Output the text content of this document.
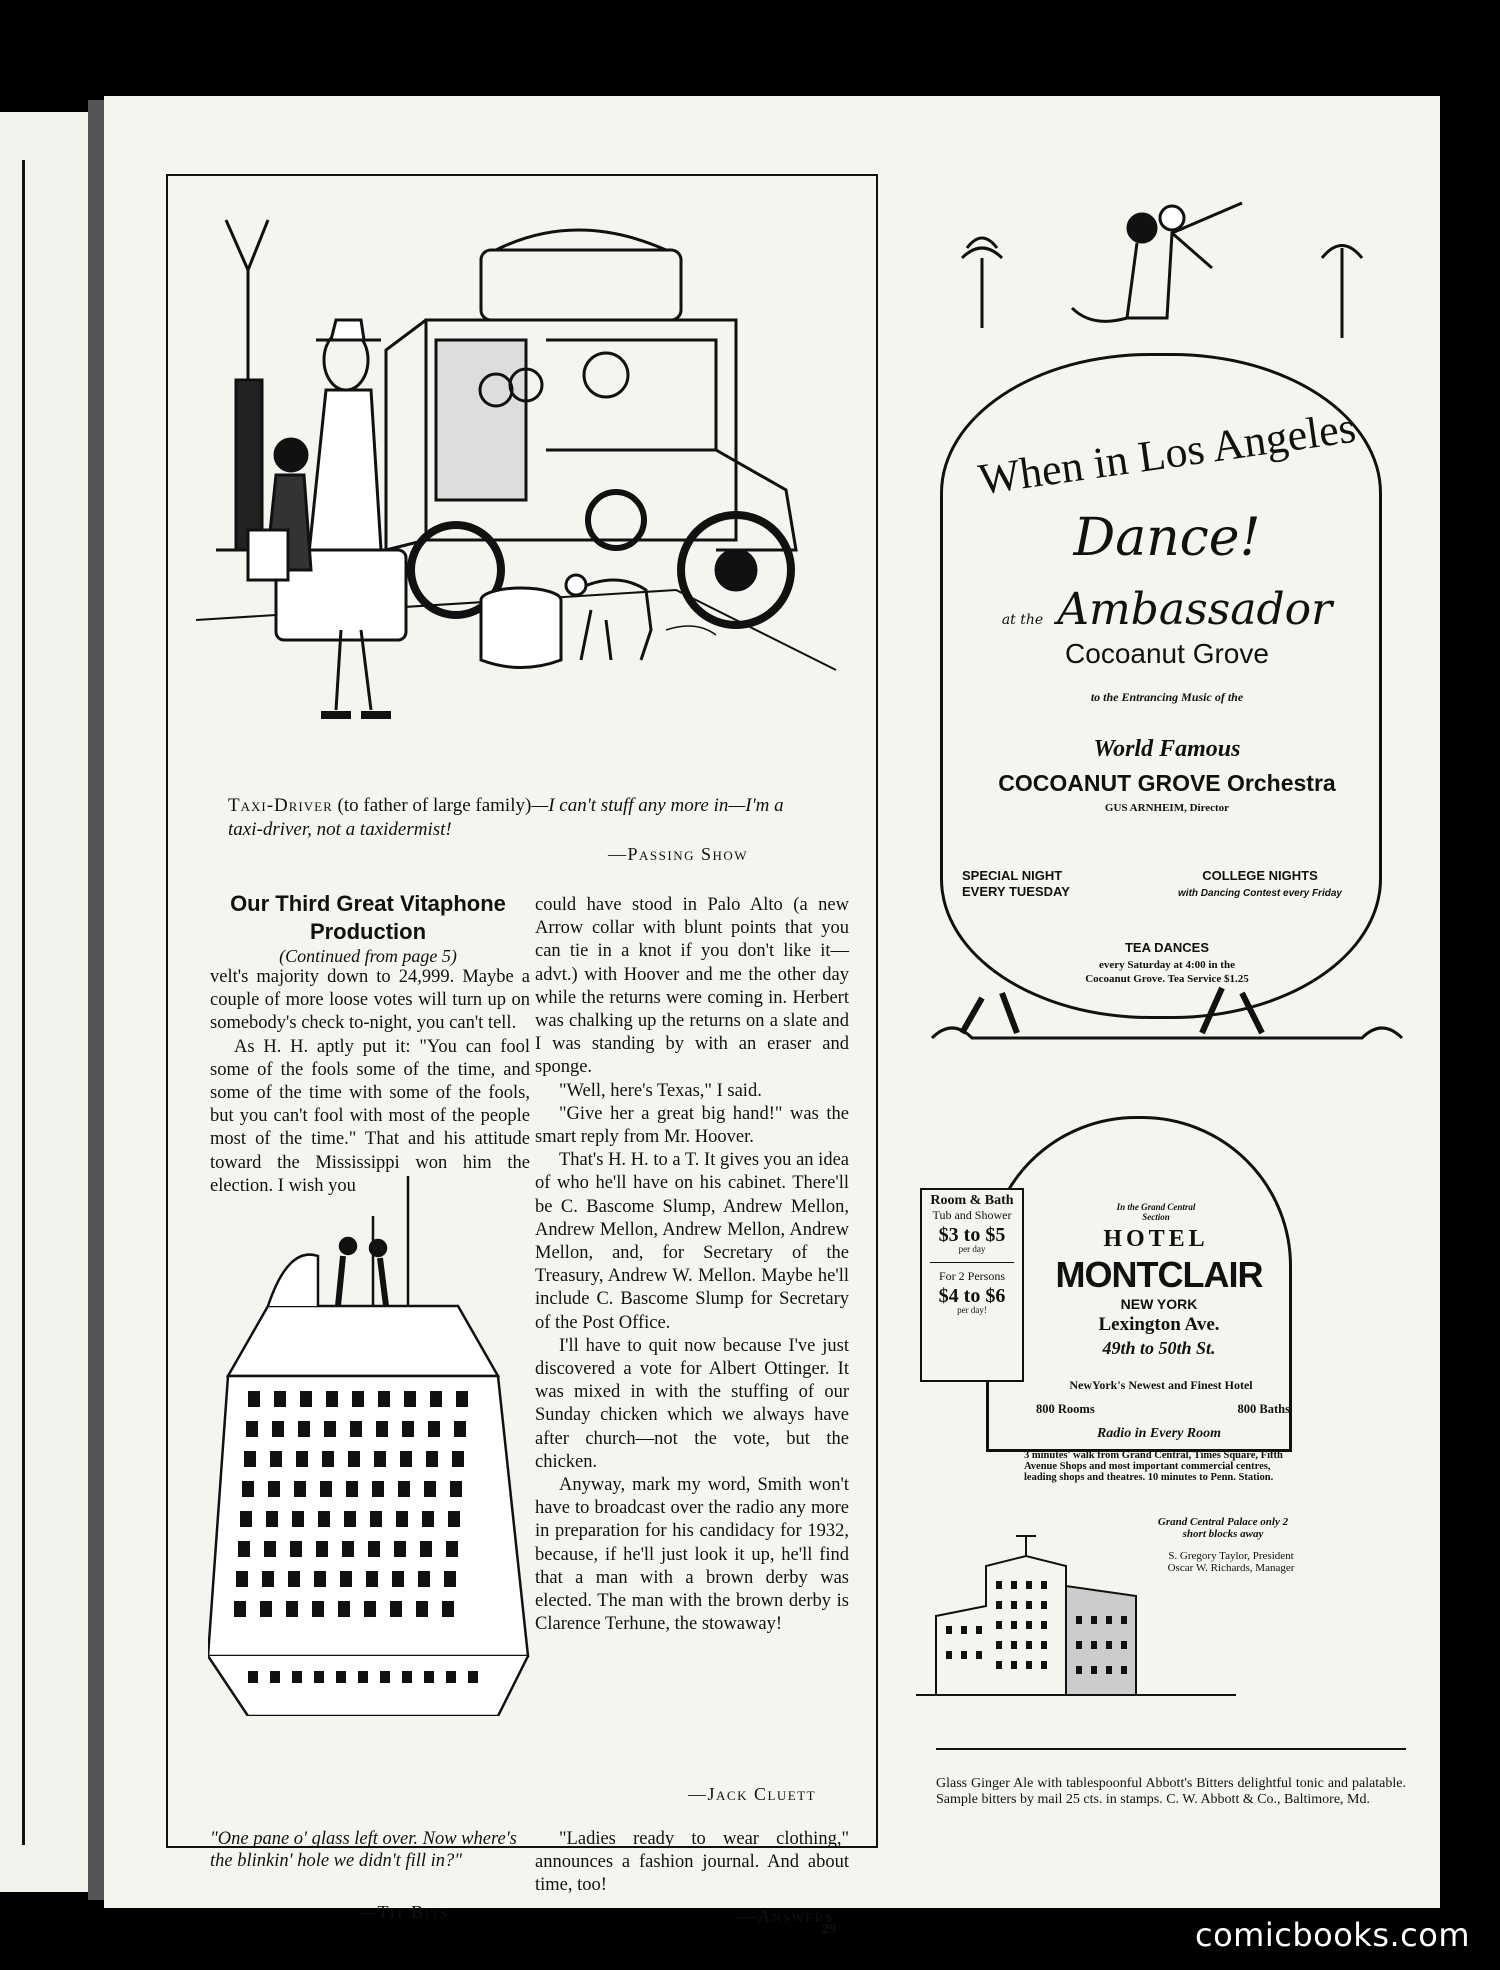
Taxi-Driver (to father of large family)—I can't stuff any more in—I'm a taxi-driver, not a taxidermist!
—Passing Show
Our Third Great Vitaphone Production
(Continued from page 5)

velt's majority down to 24,999. Maybe a couple of more loose votes will turn up on somebody's check to-night, you can't tell.

As H. H. aptly put it: "You can fool some of the fools some of the time, and some of the time with some of the fools, but you can't fool with most of the people most of the time." That and his attitude toward the Mississippi won him the election. I wish you

could have stood in Palo Alto (a new Arrow collar with blunt points that you can tie in a knot if you don't like it—advt.) with Hoover and me the other day while the returns were coming in. Herbert was chalking up the returns on a slate and I was standing by with an eraser and sponge.

"Well, here's Texas," I said.

"Give her a great big hand!" was the smart reply from Mr. Hoover.

That's H. H. to a T. It gives you an idea of who he'll have on his cabinet. There'll be C. Bascome Slump, Andrew Mellon, Andrew Mellon, Andrew Mellon, Andrew Mellon, and, for Secretary of the Treasury, Andrew W. Mellon. Maybe he'll include C. Bascome Slump for Secretary of the Post Office.

I'll have to quit now because I've just discovered a vote for Albert Ottinger. It was mixed in with the stuffing of our Sunday chicken which we always have after church—not the vote, but the chicken.

Anyway, mark my word, Smith won't have to broadcast over the radio any more in preparation for his candidacy for 1932, because, if he'll just look it up, he'll find that a man with a brown derby was elected. The man with the brown derby is Clarence Terhune, the stowaway!

—Jack Cluett
"One pane o' glass left over. Now where's the blinkin' hole we didn't fill in?"
—Tit Bits

"Ladies ready to wear clothing," announces a fashion journal. And about time, too!

—Answers
When in Los Angeles
Dance!
at the Ambassador
Cocoanut Grove
to the Entrancing Music of the
World Famous
COCOANUT GROVE Orchestra
GUS ARNHEIM, Director
SPECIAL NIGHT
EVERY TUESDAY
COLLEGE NIGHTS
with Dancing Contest every Friday
TEA DANCES
every Saturday at 4:00 in the
Cocoanut Grove. Tea Service $1.25
In the Grand Central Section
HOTEL
MONTCLAIR
NEW YORK
Lexington Ave.
49th to 50th St.
NewYork's Newest and Finest Hotel
800 Rooms	800 Baths
Radio in Every Room
3 minutes' walk from Grand Central, Times Square, Fifth Avenue Shops and most important commercial centres, leading shops and theatres. 10 minutes to Penn. Station.
Grand Central Palace only 2 short blocks away
S. Gregory Taylor, President
Oscar W. Richards, Manager
Room & Bath
Tub and Shower
$3 to $5
per day
For 2 Persons
$4 to $6
per day!
Glass Ginger Ale with tablespoonful Abbott's Bitters delightful tonic and palatable. Sample bitters by mail 25 cts. in stamps. C. W. Abbott & Co., Baltimore, Md.
29	comicbooks.com
